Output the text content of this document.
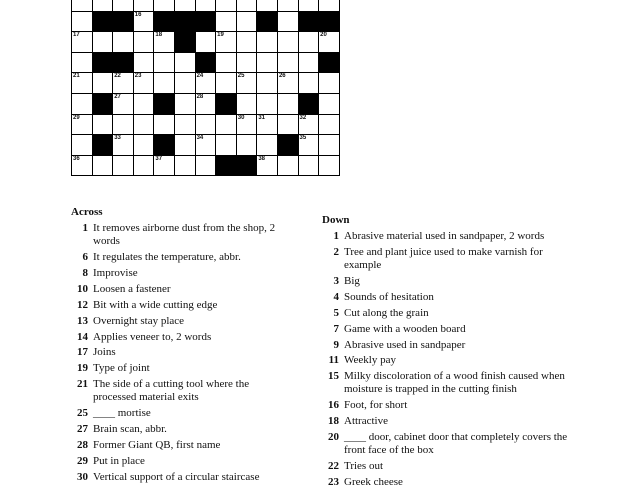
16
17	18	19	20
21	22 23	24	25	26
27	28
29	30 31	32
33	34	35
36	37	38
Across
1 It removes airborne dust from the shop, 2 words
6 It regulates the temperature, abbr.
8 Improvise
10 Loosen a fastener
12 Bit with a wide cutting edge
13 Overnight stay place
14 Applies veneer to, 2 words
17 Joins
19 Type of joint
21 The side of a cutting tool where the processed material exits
25 ____ mortise
27 Brain scan, abbr.
28 Former Giant QB, first name
29 Put in place
30 Vertical support of a circular staircase
Down
1 Abrasive material used in sandpaper, 2 words
2 Tree and plant juice used to make varnish for example
3 Big
4 Sounds of hesitation
5 Cut along the grain
7 Game with a wooden board
9 Abrasive used in sandpaper
11 Weekly pay
15 Milky discoloration of a wood finish caused when moisture is trapped in the cutting finish
16 Foot, for short
18 Attractive
20 ____ door, cabinet door that completely covers the front face of the box
22 Tries out
23 Greek cheese
